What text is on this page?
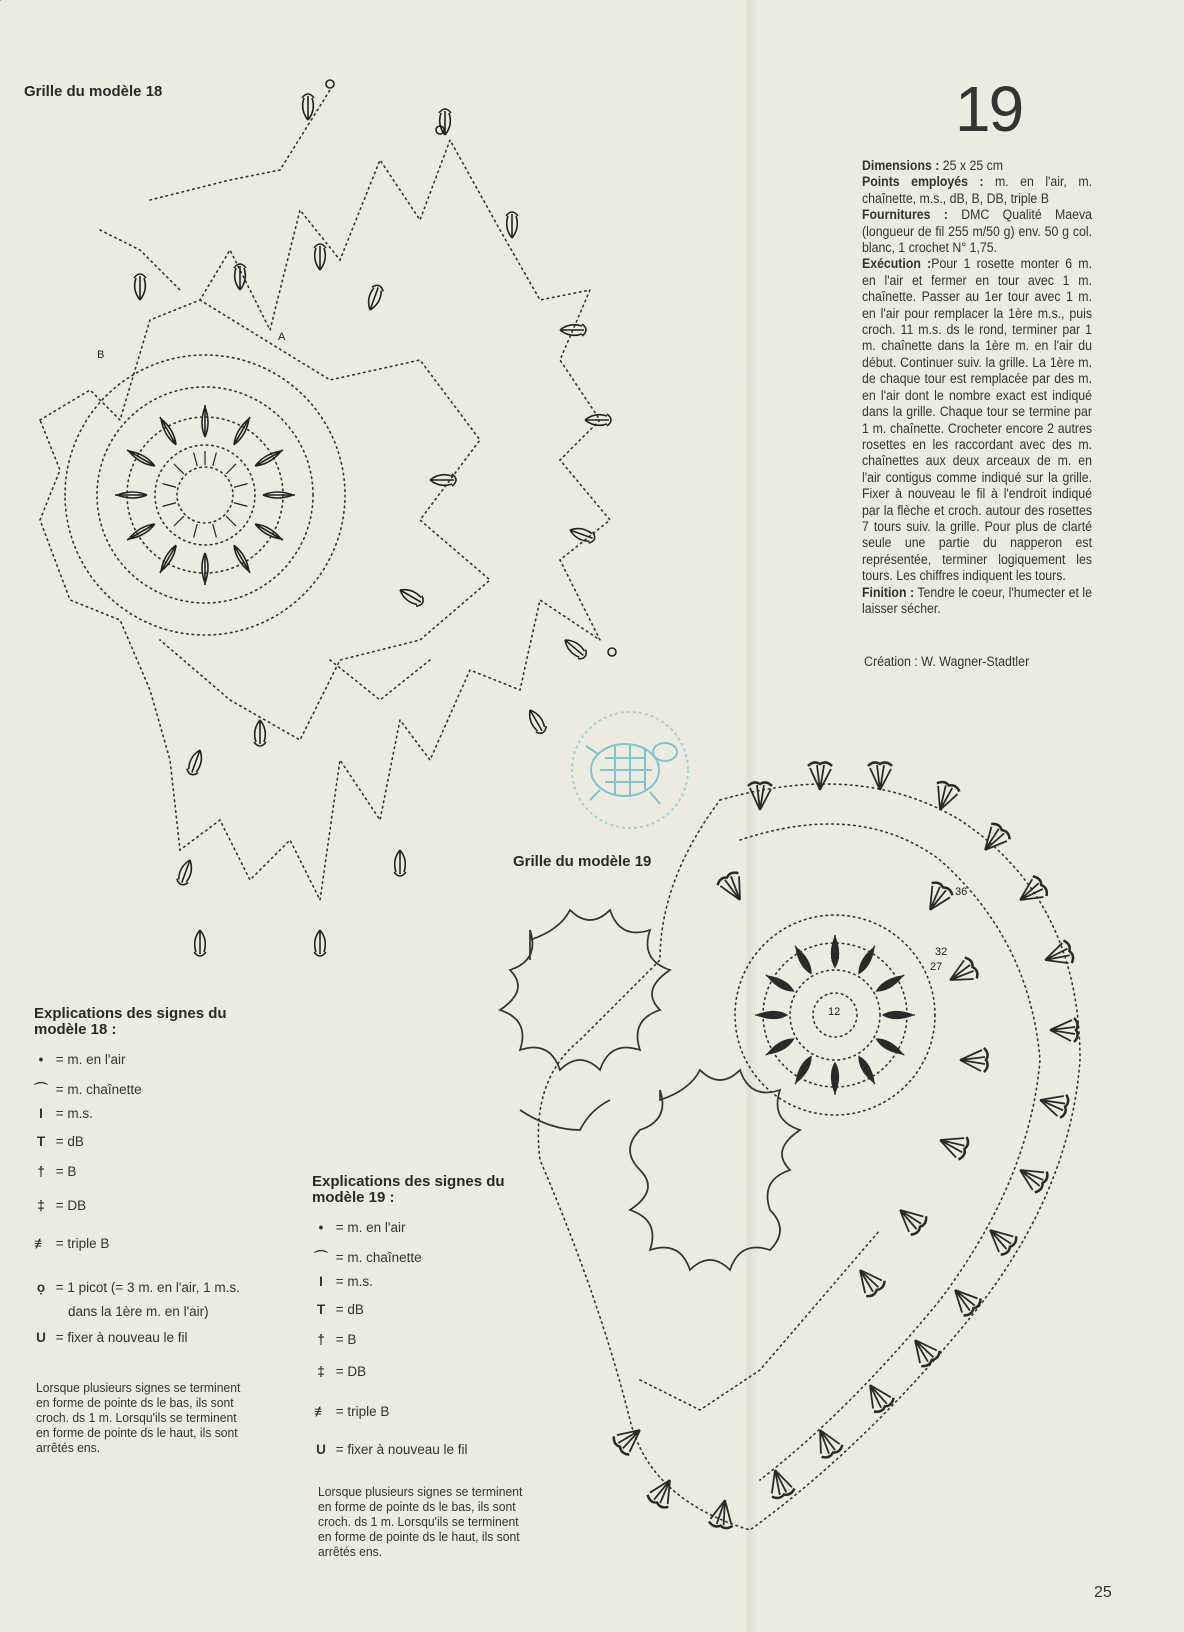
Grille du modèle 18
A
B
19

Dimensions : 25 x 25 cm

Points employés : m. en l'air, m. chaînette, m.s., dB, B, DB, triple B

Fournitures : DMC Qualité Maeva (longueur de fil 255 m/50 g) env. 50 g col. blanc, 1 crochet N° 1,75.

Exécution :Pour 1 rosette monter 6 m. en l'air et fermer en tour avec 1 m. chaînette. Passer au 1er tour avec 1 m. en l'air pour remplacer la 1ère m.s., puis croch. 11 m.s. ds le rond, terminer par 1 m. chaînette dans la 1ère m. en l'air du début. Continuer suiv. la grille. La 1ère m. de chaque tour est remplacée par des m. en l'air dont le nombre exact est indiqué dans la grille. Chaque tour se termine par 1 m. chaînette. Crocheter encore 2 autres rosettes en les raccordant avec des m. chaînettes aux deux arceaux de m. en l'air contigus comme indiqué sur la grille. Fixer à nouveau le fil à l'endroit indiqué par la flèche et croch. autour des rosettes 7 tours suiv. la grille. Pour plus de clarté seule une partie du napperon est représentée, terminer logiquement les tours. Les chiffres indiquent les tours.

Finition : Tendre le coeur, l'humecter et le laisser sécher.

Création : W. Wagner-Stadtler
Grille du modèle 19
36
32
12
27
Explications des signes du
modèle 18 :
• = m. en l'air
⌒ = m. chaînette
I = m.s.
T = dB
† = B
‡ = DB
≢ = triple B
ọ = 1 picot (= 3 m. en l'air, 1 m.s.
dans la 1ère m. en l'air)
U = fixer à nouveau le fil
Lorsque plusieurs signes se terminent
en forme de pointe ds le bas, ils sont
croch. ds 1 m. Lorsqu'ils se terminent
en forme de pointe ds le haut, ils sont
arrêtés ens.
Explications des signes du
modèle 19 :
• = m. en l'air
⌒ = m. chaînette
I = m.s.
T = dB
† = B
‡ = DB
≢ = triple B
U = fixer à nouveau le fil
Lorsque plusieurs signes se terminent
en forme de pointe ds le bas, ils sont
croch. ds 1 m. Lorsqu'ils se terminent
en forme de pointe ds le haut, ils sont
arrêtés ens.
25
